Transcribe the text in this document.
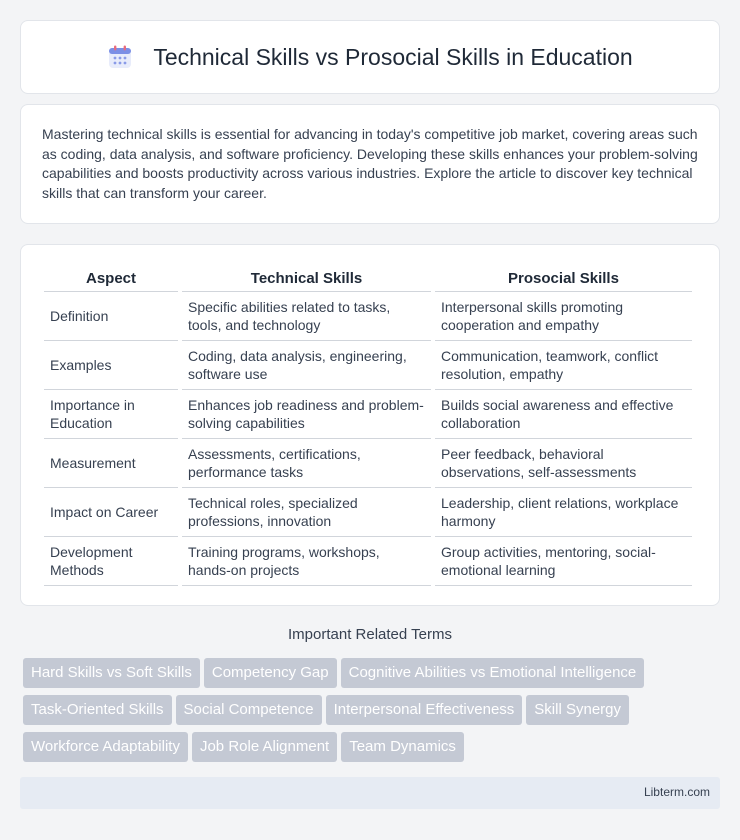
Technical Skills vs Prosocial Skills in Education

Mastering technical skills is essential for advancing in today's competitive job market, covering areas such as coding, data analysis, and software proficiency. Developing these skills enhances your problem-solving capabilities and boosts productivity across various industries. Explore the article to discover key technical skills that can transform your career.

Aspect	Technical Skills	Prosocial Skills
Definition	Specific abilities related to tasks, tools, and technology	Interpersonal skills promoting cooperation and empathy
Examples	Coding, data analysis, engineering, software use	Communication, teamwork, conflict resolution, empathy
Importance in Education	Enhances job readiness and problem-solving capabilities	Builds social awareness and effective collaboration
Measurement	Assessments, certifications, performance tasks	Peer feedback, behavioral observations, self-assessments
Impact on Career	Technical roles, specialized professions, innovation	Leadership, client relations, workplace harmony
Development Methods	Training programs, workshops, hands-on projects	Group activities, mentoring, social-emotional learning
Important Related Terms
Hard Skills vs Soft Skills Competency Gap Cognitive Abilities vs Emotional Intelligence
Task-Oriented Skills Social Competence Interpersonal Effectiveness Skill Synergy
Workforce Adaptability Job Role Alignment Team Dynamics
Libterm.com
